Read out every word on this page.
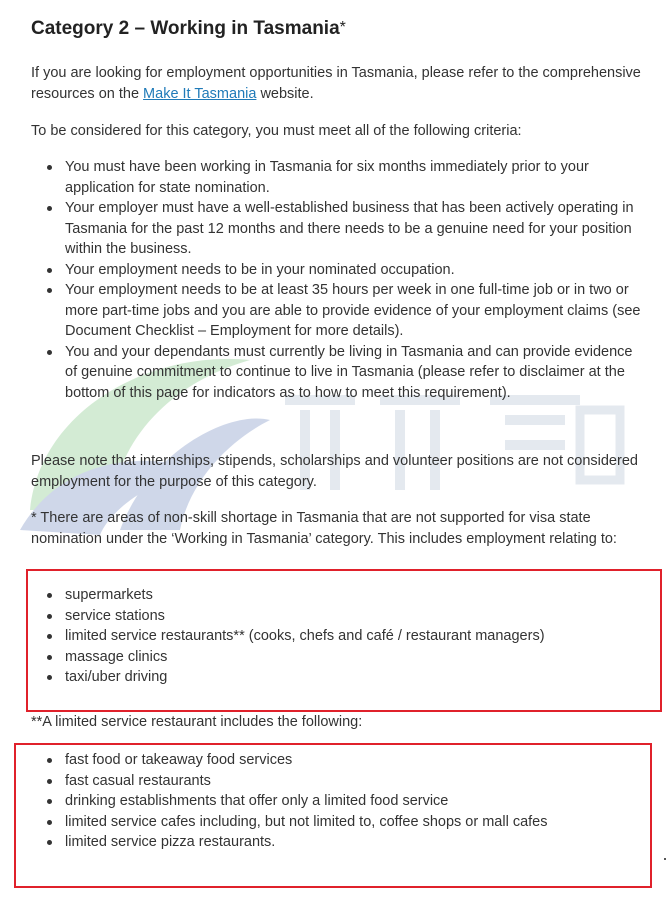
Category 2 – Working in Tasmania*

If you are looking for employment opportunities in Tasmania, please refer to the comprehensive resources on the Make It Tasmania website.

To be considered for this category, you must meet all of the following criteria:

You must have been working in Tasmania for six months immediately prior to your application for state nomination.
Your employer must have a well-established business that has been actively operating in Tasmania for the past 12 months and there needs to be a genuine need for your position within the business.
Your employment needs to be in your nominated occupation.
Your employment needs to be at least 35 hours per week in one full-time job or in two or more part-time jobs and you are able to provide evidence of your employment claims (see Document Checklist – Employment for more details).
You and your dependants must currently be living in Tasmania and can provide evidence of genuine commitment to continue to live in Tasmania (please refer to disclaimer at the bottom of this page for indicators as to how to meet this requirement).

Please note that internships, stipends, scholarships and volunteer positions are not considered employment for the purpose of this category.

* There are areas of non-skill shortage in Tasmania that are not supported for visa state nomination under the ‘Working in Tasmania’ category. This includes employment relating to:

supermarkets
service stations
limited service restaurants** (cooks, chefs and café / restaurant managers)
massage clinics
taxi/uber driving

**A limited service restaurant includes the following:

fast food or takeaway food services
fast casual restaurants
drinking establishments that offer only a limited food service
limited service cafes including, but not limited to, coffee shops or mall cafes
limited service pizza restaurants.
